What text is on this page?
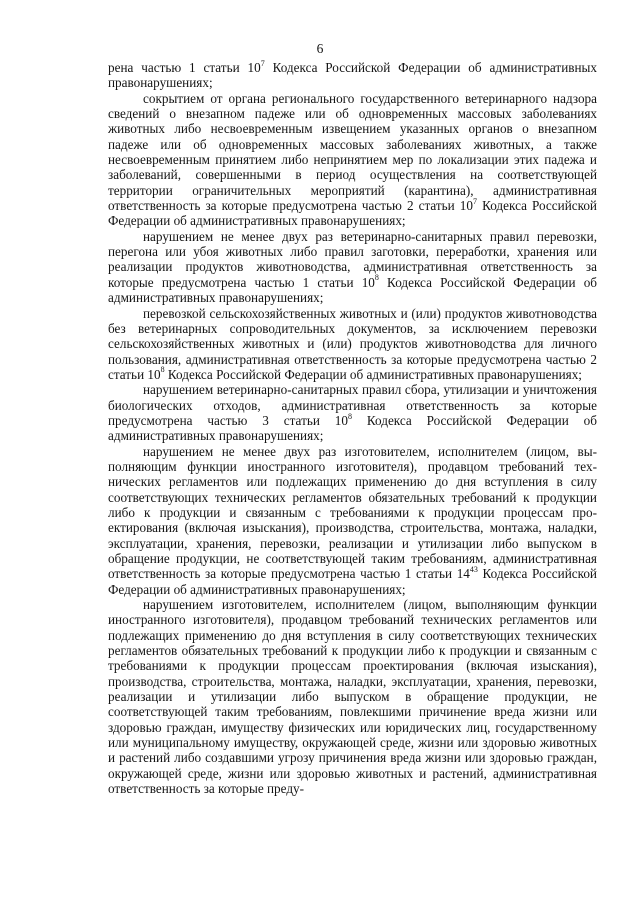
6

рена частью 1 статьи $10^7$ Кодекса Российской Федерации об административных правонарушениях;

сокрытием от органа регионального государственного ветеринарного надзора сведений о внезапном падеже или об одновременных массовых заболеваниях животных либо несвоевременным извещением указанных органов о внезапном падеже или об одновременных массовых заболеваниях животных, а также несвоевременным принятием либо непринятием мер по локализации этих падежа и заболеваний, совершенными в период осуществления на соответствующей территории ограничительных мероприятий (карантина), административная ответственность за которые предусмотрена частью 2 статьи $10^7$ Кодекса Российской Федерации об административных правонарушениях;

нарушением не менее двух раз ветеринарно-санитарных правил перевозки, перегона или убоя животных либо правил заготовки, переработки, хранения или реализации продуктов животноводства, административная ответственность за которые предусмотрена частью 1 статьи $10^8$ Кодекса Российской Федерации об административных правонарушениях;

перевозкой сельскохозяйственных животных и (или) продуктов животноводства без ветеринарных сопроводительных документов, за исключением перевозки сельскохозяйственных животных и (или) продуктов животноводства для личного пользования, административная ответственность за которые предусмотрена частью 2 статьи $10^8$ Кодекса Российской Федерации об административных правонарушениях;

нарушением ветеринарно-санитарных правил сбора, утилизации и уничтожения биологических отходов, административная ответственность за которые предусмотрена частью 3 статьи $10^8$ Кодекса Российской Федерации об административных правонарушениях;

нарушением не менее двух раз изготовителем, исполнителем (лицом, выполняющим функции иностранного изготовителя), продавцом требований технических регламентов или подлежащих применению до дня вступления в силу соответствующих технических регламентов обязательных требований к продукции либо к продукции и связанным с требованиями к продукции процессам проектирования (включая изыскания), производства, строительства, монтажа, наладки, эксплуатации, хранения, перевозки, реализации и утилизации либо выпуском в обращение продукции, не соответствующей таким требованиям, административная ответственность за которые предусмотрена частью 1 статьи $14^{43}$ Кодекса Российской Федерации об административных правонарушениях;

нарушением изготовителем, исполнителем (лицом, выполняющим функции иностранного изготовителя), продавцом требований технических регламентов или подлежащих применению до дня вступления в силу соответствующих технических регламентов обязательных требований к продукции либо к продукции и связанным с требованиями к продукции процессам проектирования (включая изыскания), производства, строительства, монтажа, наладки, эксплуатации, хранения, перевозки, реализации и утилизации либо выпуском в обращение продукции, не соответствующей таким требованиям, повлекшими причинение вреда жизни или здоровью граждан, имуществу физических или юридических лиц, государственному или муниципальному имуществу, окружающей среде, жизни или здоровью животных и растений либо создавшими угрозу причинения вреда жизни или здоровью граждан, окружающей среде, жизни или здоровью животных и растений, административная ответственность за которые преду-
